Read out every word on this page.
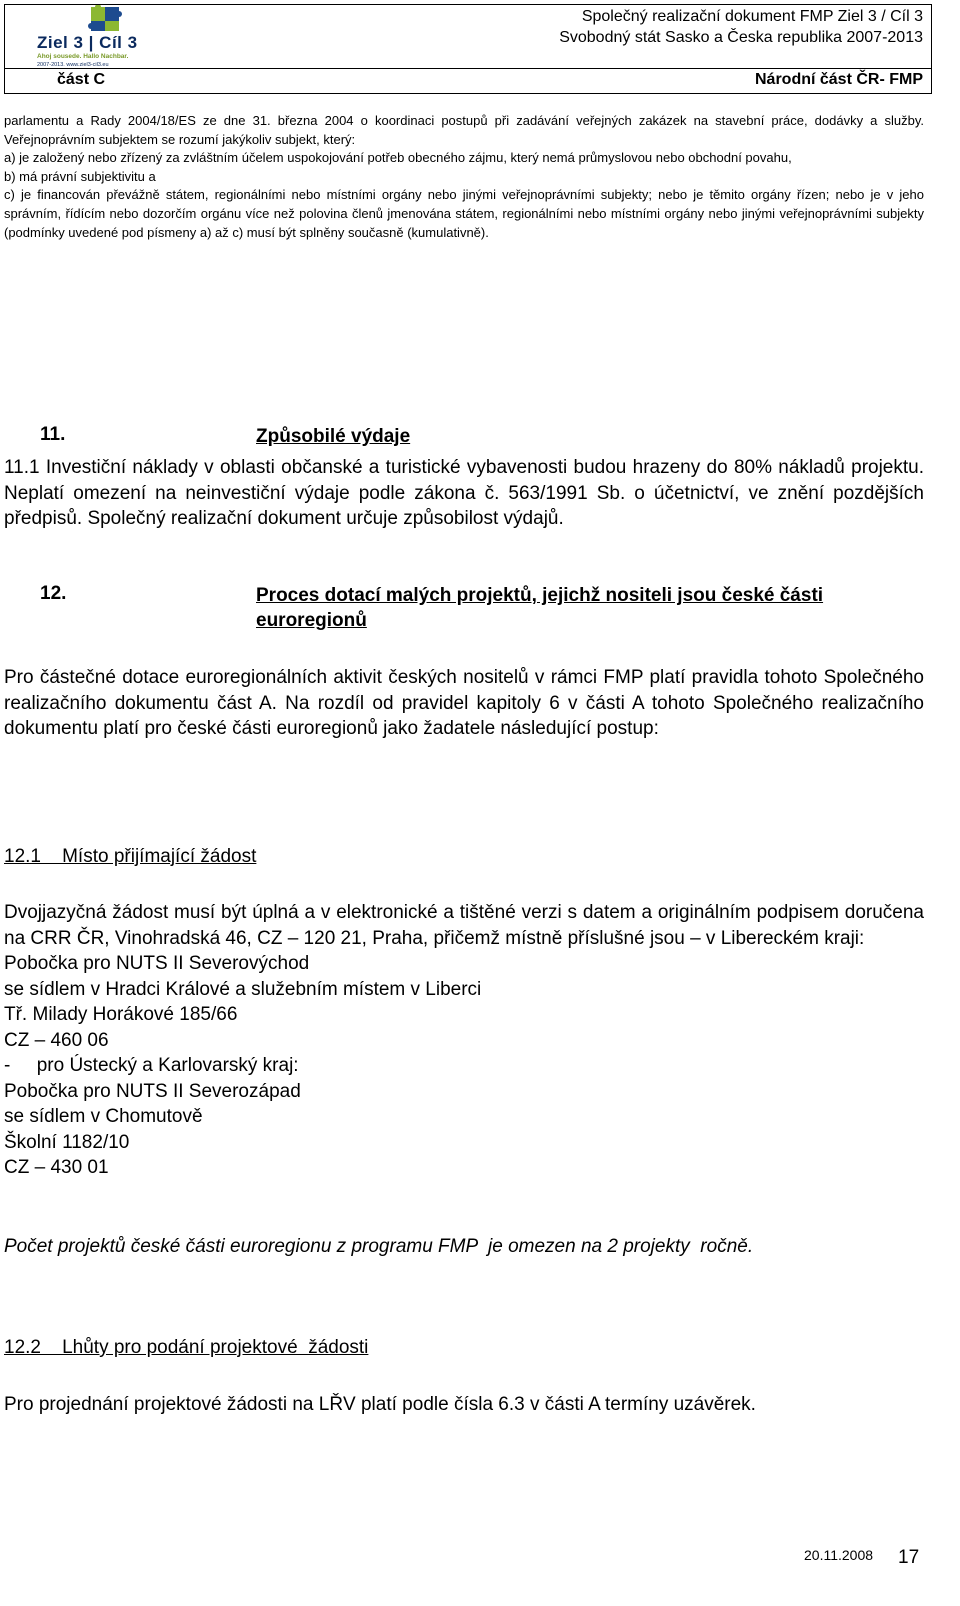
Ziel 3 | Cíl 3
Ahoj sousede. Hallo Nachbar.
2007-2013. www.ziel3-cil3.eu
Společný realizační dokument FMP Ziel 3 / Cíl 3
Svobodný stát Sasko a Česka republika 2007-2013
část C	Národní část ČR- FMP

parlamentu a Rady 2004/18/ES ze dne 31. března 2004 o koordinaci postupů při zadávání veřejných zakázek na stavební práce, dodávky a služby. Veřejnoprávním subjektem se rozumí jakýkoliv subjekt, který:

a) je založený nebo zřízený za zvláštním účelem uspokojování potřeb obecného zájmu, který nemá průmyslovou nebo obchodní povahu,

b) má právní subjektivitu a

c) je financován převážně státem, regionálními nebo místními orgány nebo jinými veřejnoprávními subjekty; nebo je těmito orgány řízen; nebo je v jeho správním, řídícím nebo dozorčím orgánu více než polovina členů jmenována státem, regionálními nebo místními orgány nebo jinými veřejnoprávními subjekty (podmínky uvedené pod písmeny a) až c) musí být splněny současně (kumulativně).

11.	Způsobilé výdaje

11.1 Investiční náklady v oblasti občanské a turistické vybavenosti budou hrazeny do 80% nákladů projektu. Neplatí omezení na neinvestiční výdaje podle zákona č. 563/1991 Sb. o účetnictví, ve znění pozdějších předpisů. Společný realizační dokument určuje způsobilost výdajů.

12.	Proces dotací malých projektů, jejichž nositeli jsou české části
euroregionů

Pro částečné dotace euroregionálních aktivit českých nositelů v rámci FMP platí pravidla tohoto Společného realizačního dokumentu část A. Na rozdíl od pravidel kapitoly 6 v části A tohoto Společného realizačního dokumentu platí pro české části euroregionů jako žadatele následující postup:

12.1    Místo přijímající žádost

Dvojjazyčná žádost musí být úplná a v elektronické a tištěné verzi s datem a originálním podpisem doručena na CRR ČR, Vinohradská 46, CZ – 120 21, Praha, přičemž místně příslušné jsou – v Libereckém kraji:

Pobočka pro NUTS II Severovýchod

se sídlem v Hradci Králové a služebním místem v Liberci

Tř. Milady Horákové 185/66

CZ – 460 06

-     pro Ústecký a Karlovarský kraj:

Pobočka pro NUTS II Severozápad

se sídlem v Chomutově

Školní 1182/10

CZ – 430 01

Počet projektů české části euroregionu z programu FMP  je omezen na 2 projekty  ročně.

12.2    Lhůty pro podání projektové  žádosti

Pro projednání projektové žádosti na LŘV platí podle čísla 6.3 v části A termíny uzávěrek.

20.11.2008 17
